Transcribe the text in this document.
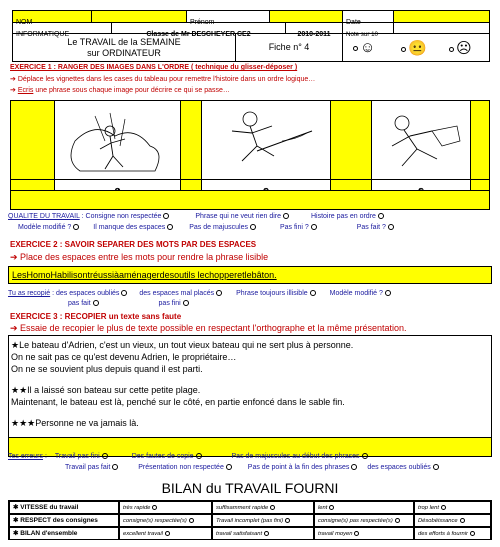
NOM	Prénom	Date
INFORMATIQUE	Classe de Mr DESCHEYER CE2	2010-2011	Note sur 10
Le TRAVAIL de la SEMAINE
sur ORDINATEUR
Fiche n° 4	☺	😐	☹
EXERCICE 1 : RANGER DES IMAGES DANS L'ORDRE ( technique du glisser-déposer )
➔ Déplace les vignettes dans les cases du tableau pour remettre l'histoire dans un ordre logique…
➔ Ecris une phrase sous chaque image pour décrire ce qui se passe…
QUALITE DU TRAVAIL : Consigne non respectée	Phrase qui ne veut rien dire	Histoire pas en ordre
Modèle modifié ?	Il manque des espaces	Pas de majuscules	Pas fini ?	Pas fait ?
EXERCICE 2 : SAVOIR SEPARER DES MOTS PAR DES ESPACES
➔ Place des espaces entre les mots pour rendre la phrase lisible
LesHomoHabilisontréussiàaménagerdesoutils lechopperetlebâton.
Tu as recopié : des espaces oubliés	des espaces mal placés	Phrase toujours illisible	Modèle modifié ?
pas fait	pas fini
EXERCICE 3 : RECOPIER un texte sans faute
➔ Essaie de recopier le plus de texte possible en respectant l'orthographe et la même présentation.
★Le bateau d'Adrien, c'est un vieux, un tout vieux bateau qui ne sert plus à personne.
On ne sait pas ce qu'est devenu Adrien, le propriétaire…
On ne se souvient plus depuis quand il est parti.
★★Il a laissé son bateau sur cette petite plage.
Maintenant, le bateau est là, penché sur le côté, en partie enfoncé dans le sable fin.
★★★Personne ne va jamais là.
Tes erreurs : Travail pas fini	Des fautes de copie	Pas de majuscules au début des phrases
Travail pas fait	Présentation non respectée	Pas de point à la fin des phrases	des espaces oubliés
BILAN du TRAVAIL FOURNI
✱ VITESSE du travail	très rapide	suffisamment rapide	lent	trop lent
✱ RESPECT des consignes	consigne(s) respectée(s)	Travail incomplet (pas fini)	consigne(s) pas respectée(s)	Désobéissance
✱ BILAN d'ensemble	excellent travail	travail satisfaisant	travail moyen	des efforts à fournir
